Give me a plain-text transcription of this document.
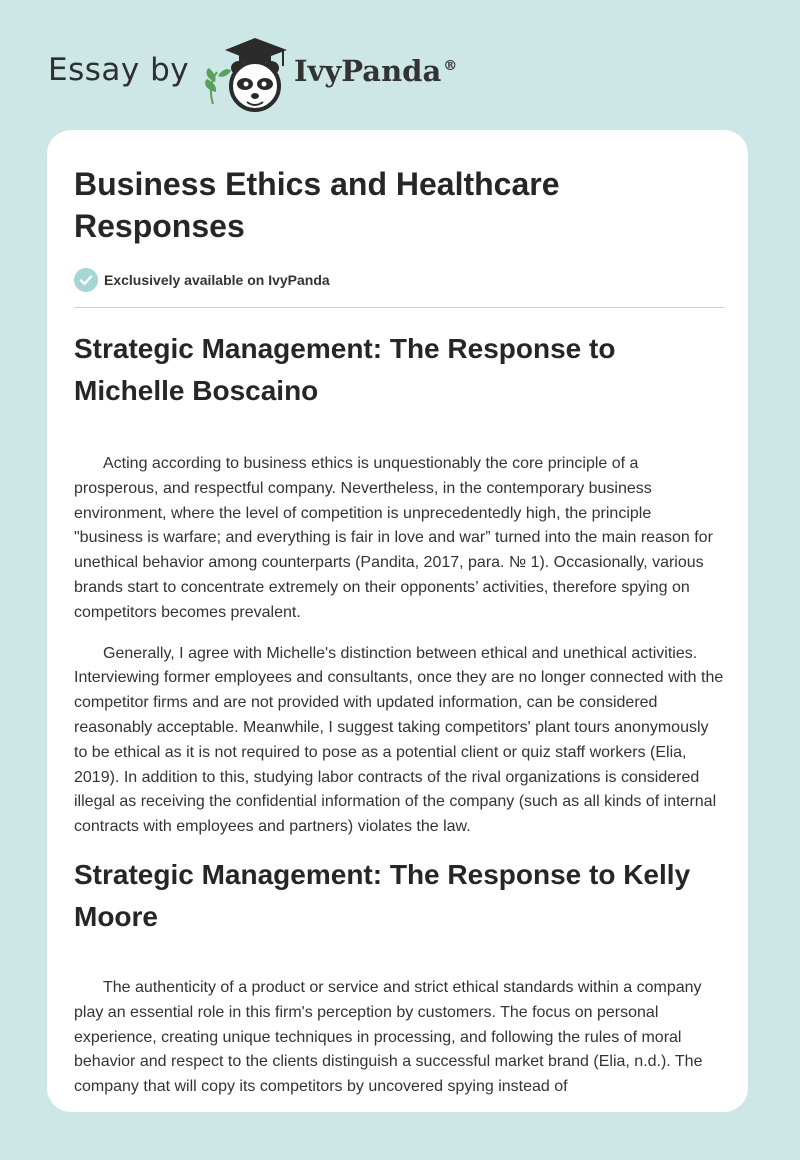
Essay by	IvyPanda ®
Business Ethics and Healthcare Responses
Exclusively available on IvyPanda
Strategic Management: The Response to Michelle Boscaino

Acting according to business ethics is unquestionably the core principle of a prosperous, and respectful company. Nevertheless, in the contemporary business environment, where the level of competition is unprecedentedly high, the principle "business is warfare; and everything is fair in love and war” turned into the main reason for unethical behavior among counterparts (Pandita, 2017, para. № 1). Occasionally, various brands start to concentrate extremely on their opponents’ activities, therefore spying on competitors becomes prevalent.

Generally, I agree with Michelle's distinction between ethical and unethical activities. Interviewing former employees and consultants, once they are no longer connected with the competitor firms and are not provided with updated information, can be considered reasonably acceptable. Meanwhile, I suggest taking competitors' plant tours anonymously to be ethical as it is not required to pose as a potential client or quiz staff workers (Elia, 2019). In addition to this, studying labor contracts of the rival organizations is considered illegal as receiving the confidential information of the company (such as all kinds of internal contracts with employees and partners) violates the law.

Strategic Management: The Response to Kelly Moore

The authenticity of a product or service and strict ethical standards within a company play an essential role in this firm's perception by customers. The focus on personal experience, creating unique techniques in processing, and following the rules of moral behavior and respect to the clients distinguish a successful market brand (Elia, n.d.). The company that will copy its competitors by uncovered spying instead of
